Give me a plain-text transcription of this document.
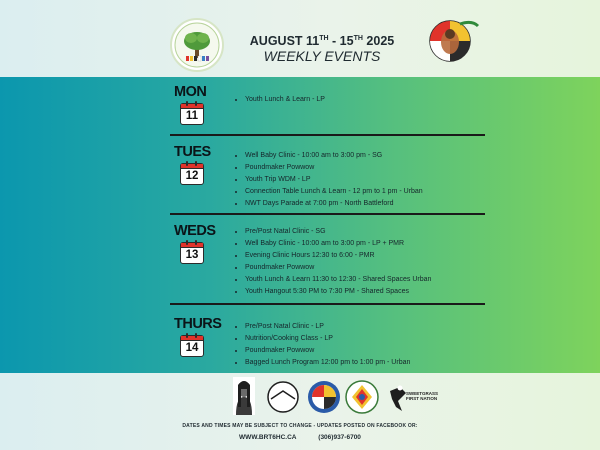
AUGUST 11TH - 15TH 2025
WEEKLY EVENTS
MON
11
• Youth Lunch & Learn - LP
TUES
12
• Well Baby Clinic - 10:00 am to 3:00 pm - SG
• Poundmaker Powwow
• Youth Trip WDM - LP
• Connection Table Lunch & Learn - 12 pm to 1 pm - Urban
• NWT Days Parade at 7:00 pm - North Battleford
WEDS
13
• Pre/Post Natal Clinic - SG
• Well Baby Clinic - 10:00 am to 3:00 pm - LP + PMR
• Evening Clinic Hours 12:30 to 6:00 - PMR
• Poundmaker Powwow
• Youth Lunch & Learn 11:30 to 12:30 - Shared Spaces Urban
• Youth Hangout 5:30 PM to 7:30 PM - Shared Spaces
THURS
14
• Pre/Post Natal Clinic - LP
• Nutrition/Cooking Class - LP
• Poundmaker Powwow
• Bagged Lunch Program 12:00 pm to 1:00 pm - Urban
SWEETGRASS FIRST NATION
DATES AND TIMES MAY BE SUBJECT TO CHANGE - UPDATES POSTED ON FACEBOOK OR:
WWW.BRT6HC.CA	(306)937-6700
